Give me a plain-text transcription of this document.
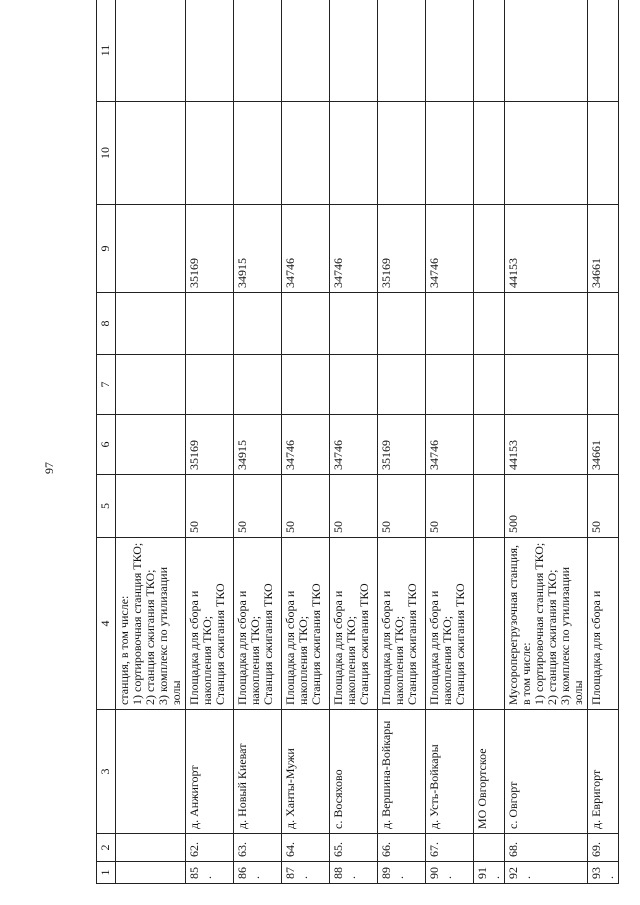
97
1	2	3	4	5	6	7	8	9	10	11
			станция, в том числе:
1) сортировочная станция ТКО;
2) станция сжигания ТКО;
3) комплекс по утилизации золы							
85.	62.	д. Анжигорт	Площадка для сбора и накопления ТКО;
Станция сжигания ТКО	50	35169			35169		
86.	63.	д. Новый Киеват	Площадка для сбора и накопления ТКО;
Станция сжигания ТКО	50	34915			34915		
87.	64.	д. Ханты-Мужи	Площадка для сбора и накопления ТКО;
Станция сжигания ТКО	50	34746			34746		
88.	65.	с. Восяхово	Площадка для сбора и накопления ТКО;
Станция сжигания ТКО	50	34746			34746		
89.	66.	д. Вершина-Войкары	Площадка для сбора и накопления ТКО;
Станция сжигания ТКО	50	35169			35169		
90.	67.	д. Усть-Войкары	Площадка для сбора и накопления ТКО;
Станция сжигания ТКО	50	34746			34746		
91.		МО Овгортское								
92.	68.	с. Овгорт	Мусороперегрузочная станция, в том числе:
1) сортировочная станция ТКО;
2) станция сжигания ТКО;
3) комплекс по утилизации золы	500	44153			44153		
93.	69.	д. Евригорт	Площадка для сбора и	50	34661			34661		
